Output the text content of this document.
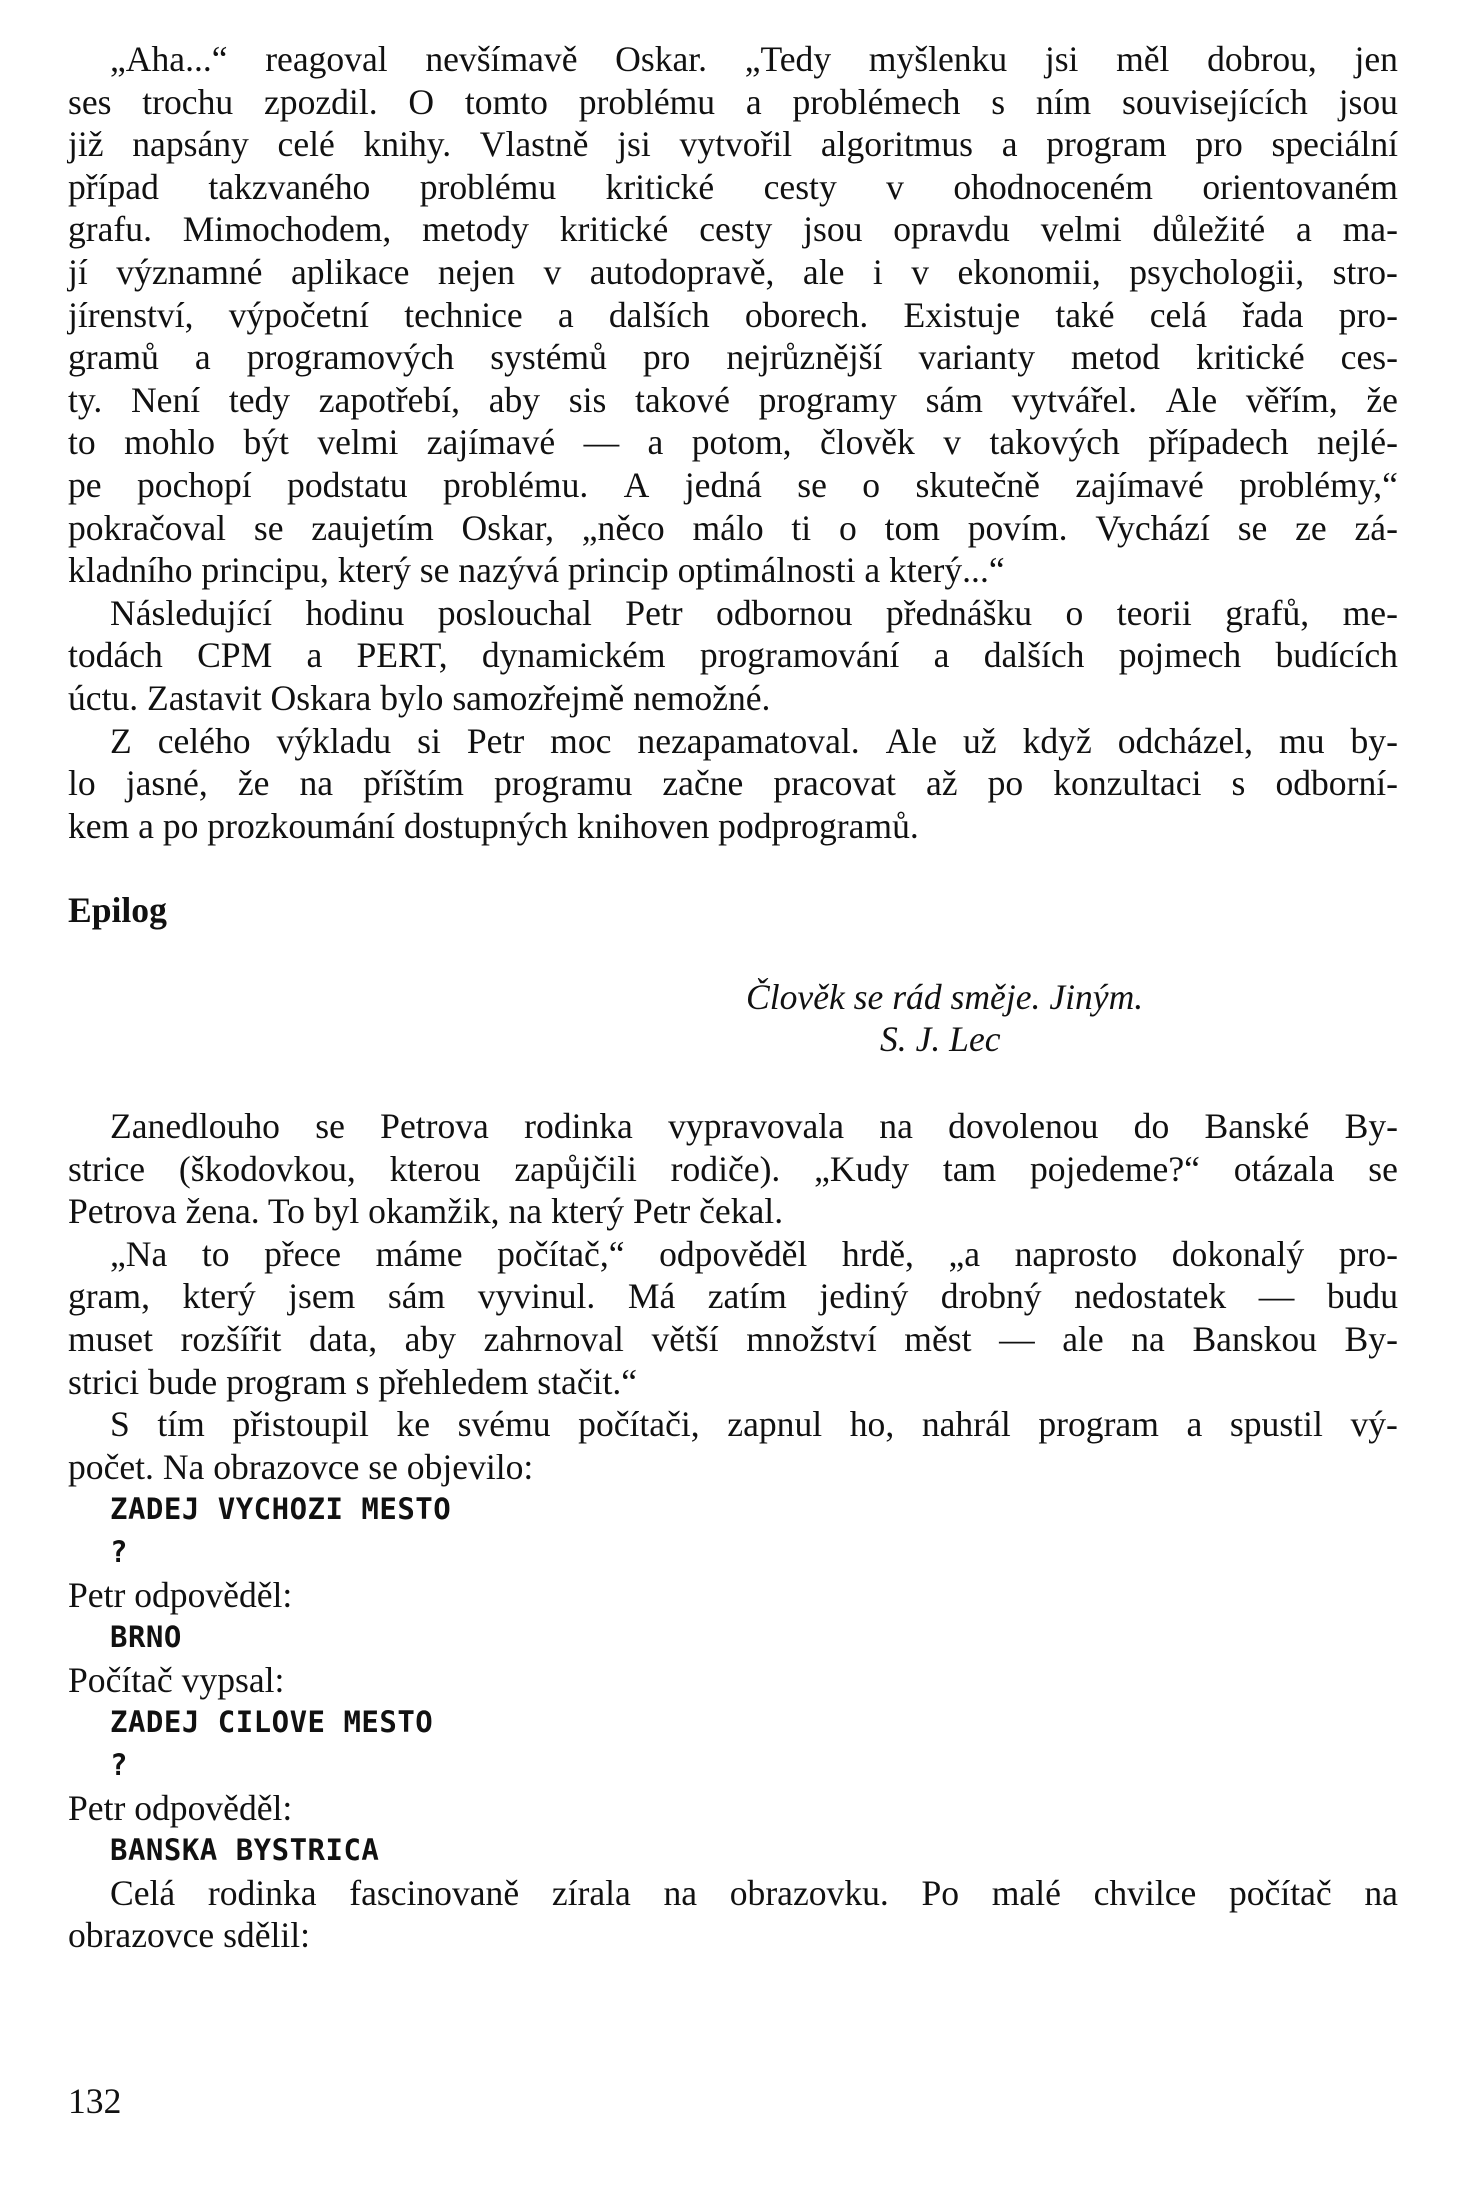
„Aha...“ reagoval nevšímavě Oskar. „Tedy myšlenku jsi měl dobrou, jen
ses trochu zpozdil. O tomto problému a problémech s ním souvisejících jsou
již napsány celé knihy. Vlastně jsi vytvořil algoritmus a program pro speciální
případ takzvaného problému kritické cesty v ohodnoceném orientovaném
grafu. Mimochodem, metody kritické cesty jsou opravdu velmi důležité a ma-
jí významné aplikace nejen v autodopravě, ale i v ekonomii, psychologii, stro-
jírenství, výpočetní technice a dalších oborech. Existuje také celá řada pro-
gramů a programových systémů pro nejrůznější varianty metod kritické ces-
ty. Není tedy zapotřebí, aby sis takové programy sám vytvářel. Ale věřím, že
to mohlo být velmi zajímavé — a potom, člověk v takových případech nejlé-
pe pochopí podstatu problému. A jedná se o skutečně zajímavé problémy,“
pokračoval se zaujetím Oskar, „něco málo ti o tom povím. Vychází se ze zá-
kladního principu, který se nazývá princip optimálnosti a který...“
Následující hodinu poslouchal Petr odbornou přednášku o teorii grafů, me-
todách CPM a PERT, dynamickém programování a dalších pojmech budících
úctu. Zastavit Oskara bylo samozřejmě nemožné.
Z celého výkladu si Petr moc nezapamatoval. Ale už když odcházel, mu by-
lo jasné, že na příštím programu začne pracovat až po konzultaci s odborní-
kem a po prozkoumání dostupných knihoven podprogramů.
Epilog
Člověk se rád směje. Jiným.
S. J. Lec
Zanedlouho se Petrova rodinka vypravovala na dovolenou do Banské By-
strice (škodovkou, kterou zapůjčili rodiče). „Kudy tam pojedeme?“ otázala se
Petrova žena. To byl okamžik, na který Petr čekal.
„Na to přece máme počítač,“ odpověděl hrdě, „a naprosto dokonalý pro-
gram, který jsem sám vyvinul. Má zatím jediný drobný nedostatek — budu
muset rozšířit data, aby zahrnoval větší množství měst — ale na Banskou By-
strici bude program s přehledem stačit.“
S tím přistoupil ke svému počítači, zapnul ho, nahrál program a spustil vý-
počet. Na obrazovce se objevilo:
ZADEJ VYCHOZI MESTO
?
Petr odpověděl:
BRNO
Počítač vypsal:
ZADEJ CILOVE MESTO
?
Petr odpověděl:
BANSKA BYSTRICA
Celá rodinka fascinovaně zírala na obrazovku. Po malé chvilce počítač na
obrazovce sdělil:
132
